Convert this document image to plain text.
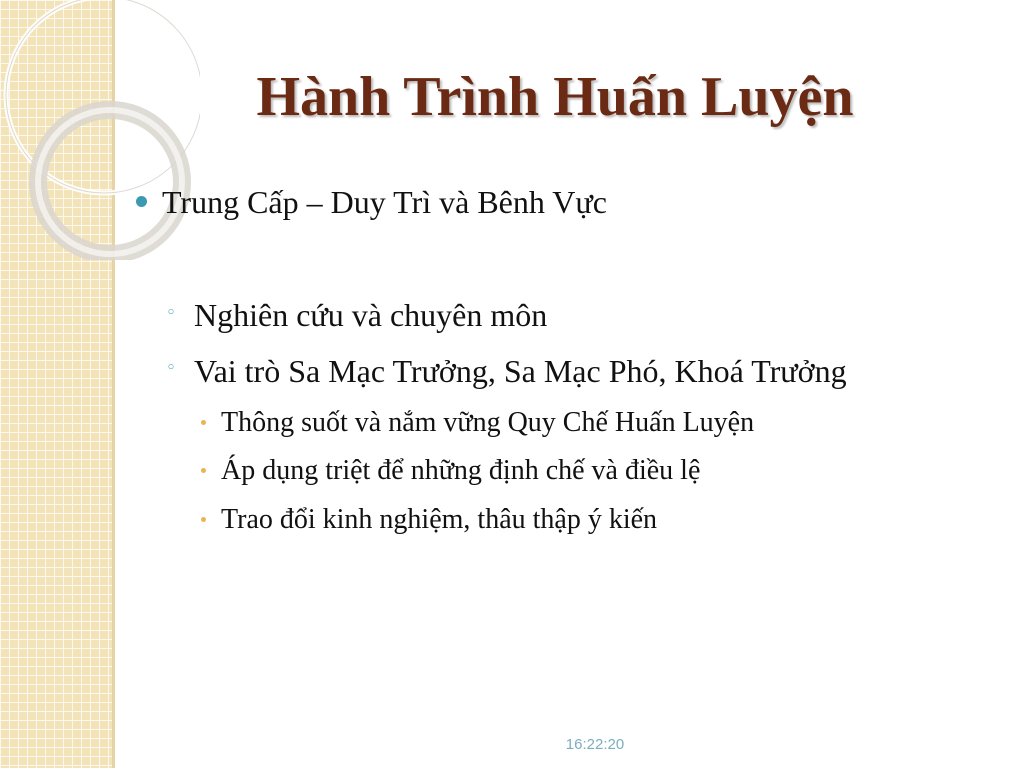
Hành Trình Huấn Luyện
Trung Cấp – Duy Trì và Bênh Vực
◦ Nghiên cứu và chuyên môn
◦ Vai trò Sa Mạc Trưởng, Sa Mạc Phó, Khoá Trưởng
Thông suốt và nắm vững Quy Chế Huấn Luyện
Áp dụng triệt để những định chế và điều lệ
Trao đổi kinh nghiệm, thâu thập ý kiến
16:22:20
